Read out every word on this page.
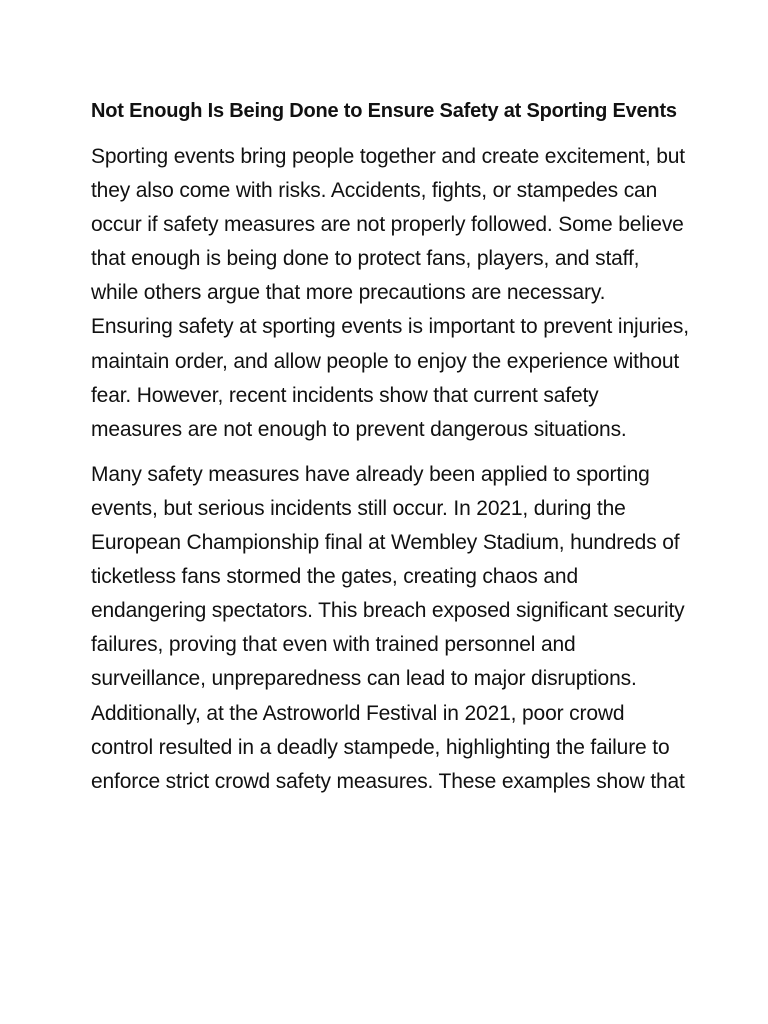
Not Enough Is Being Done to Ensure Safety at Sporting Events

Sporting events bring people together and create excitement, but they also come with risks. Accidents, fights, or stampedes can occur if safety measures are not properly followed. Some believe that enough is being done to protect fans, players, and staff, while others argue that more precautions are necessary. Ensuring safety at sporting events is important to prevent injuries, maintain order, and allow people to enjoy the experience without fear. However, recent incidents show that current safety measures are not enough to prevent dangerous situations.

Many safety measures have already been applied to sporting events, but serious incidents still occur. In 2021, during the European Championship final at Wembley Stadium, hundreds of ticketless fans stormed the gates, creating chaos and endangering spectators. This breach exposed significant security failures, proving that even with trained personnel and surveillance, unpreparedness can lead to major disruptions. Additionally, at the Astroworld Festival in 2021, poor crowd control resulted in a deadly stampede, highlighting the failure to enforce strict crowd safety measures. These examples show that
